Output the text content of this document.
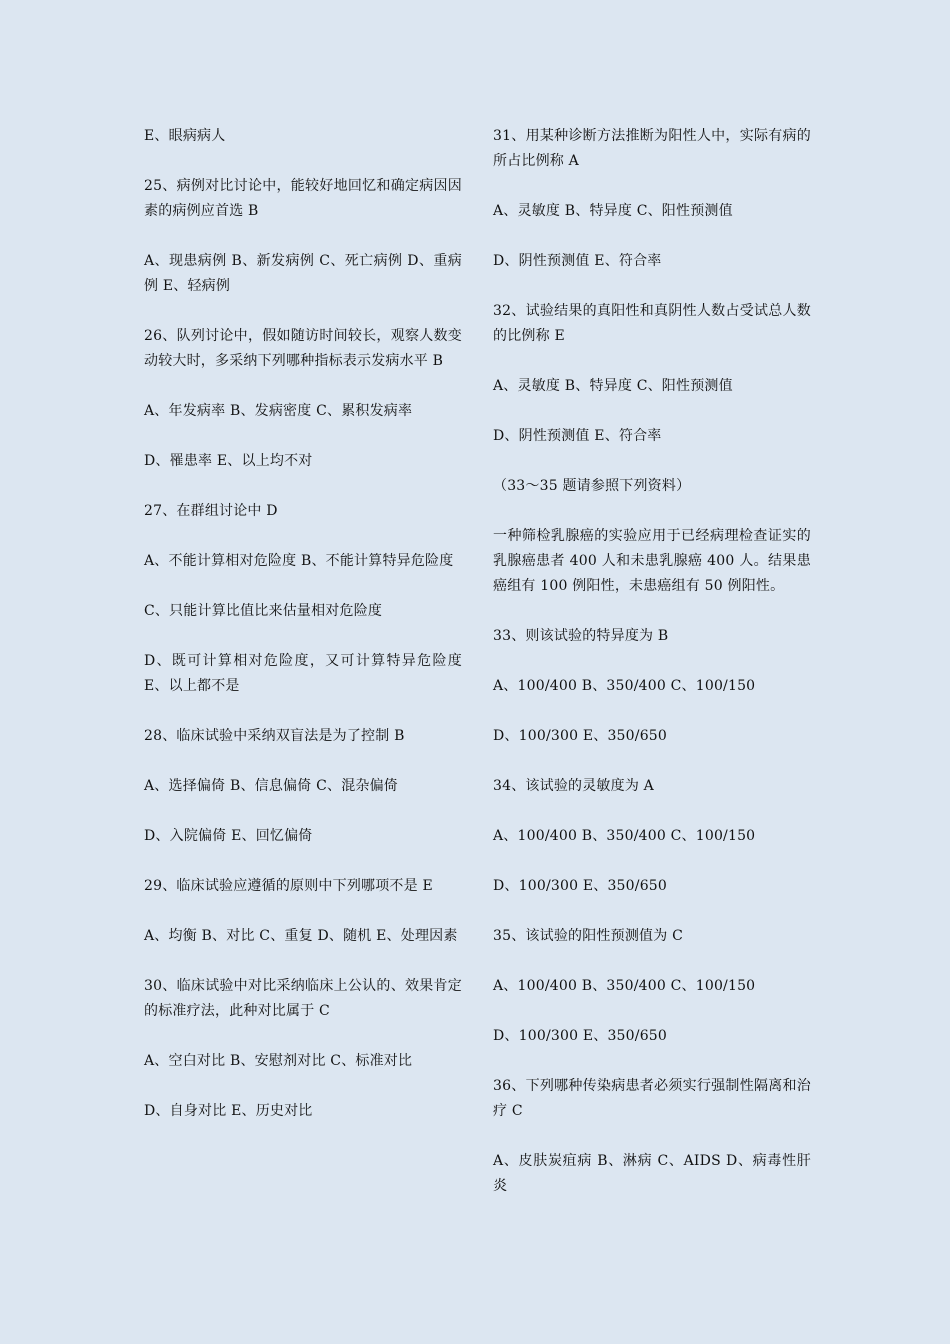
E、眼病病人

25、病例对比讨论中，能较好地回忆和确定病因因素的病例应首选 B

A、现患病例 B、新发病例 C、死亡病例 D、重病例 E、轻病例

26、队列讨论中，假如随访时间较长，观察人数变动较大时，多采纳下列哪种指标表示发病水平 B

A、年发病率 B、发病密度 C、累积发病率

D、罹患率 E、以上均不对

27、在群组讨论中 D

A、不能计算相对危险度 B、不能计算特异危险度

C、只能计算比值比来估量相对危险度

D、既可计算相对危险度，又可计算特异危险度 E、以上都不是

28、临床试验中采纳双盲法是为了控制 B

A、选择偏倚 B、信息偏倚 C、混杂偏倚

D、入院偏倚 E、回忆偏倚

29、临床试验应遵循的原则中下列哪项不是 E

A、均衡 B、对比 C、重复 D、随机 E、处理因素

30、临床试验中对比采纳临床上公认的、效果肯定的标准疗法，此种对比属于 C

A、空白对比 B、安慰剂对比 C、标准对比

D、自身对比 E、历史对比

31、用某种诊断方法推断为阳性人中，实际有病的所占比例称 A

A、灵敏度 B、特异度 C、阳性预测值

D、阴性预测值 E、符合率

32、试验结果的真阳性和真阴性人数占受试总人数的比例称 E

A、灵敏度 B、特异度 C、阳性预测值

D、阴性预测值 E、符合率

（33～35 题请参照下列资料）

一种筛检乳腺癌的实验应用于已经病理检查证实的乳腺癌患者 400 人和未患乳腺癌 400 人。结果患癌组有 100 例阳性，未患癌组有 50 例阳性。

33、则该试验的特异度为 B

A、100/400 B、350/400 C、100/150

D、100/300 E、350/650

34、该试验的灵敏度为 A

A、100/400 B、350/400 C、100/150

D、100/300 E、350/650

35、该试验的阳性预测值为 C

A、100/400 B、350/400 C、100/150

D、100/300 E、350/650

36、下列哪种传染病患者必须实行强制性隔离和治疗 C

A、皮肤炭疽病 B、淋病 C、AIDS D、病毒性肝炎
